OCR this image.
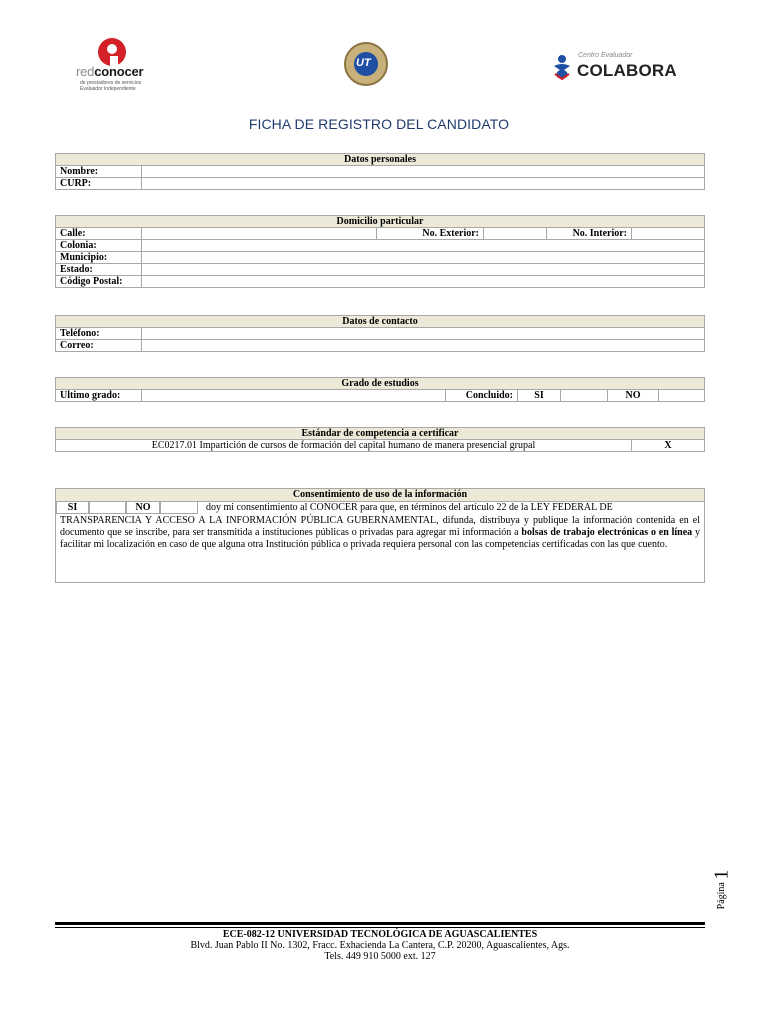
redconocer
de prestadores de servicios
Evaluador Independiente
UT
Centro Evaluador
COLABORA
FICHA DE REGISTRO DEL CANDIDATO
Datos personales	
Nombre:	
CURP:	
Domicilio particular					
Calle:		No. Exterior:		No. Interior:	
Colonia:					
Municipio:					
Estado:					
Código Postal:					
Datos de contacto	
Teléfono:	
Correo:	
Grado de estudios
Último grado:		Concluido:	SI		NO	
Estándar de competencia a certificar
EC0217.01 Impartición de cursos de formación del capital humano de manera presencial grupal	X
Consentimiento de uso de la información
SI	NO	doy mi consentimiento al CONOCER para que, en términos del artículo 22 de la LEY FEDERAL DE
TRANSPARENCIA Y ACCESO A LA INFORMACIÓN PÚBLICA GUBERNAMENTAL, difunda, distribuya y publique la información contenida en el documento que se inscribe, para ser transmitida a instituciones públicas o privadas para agregar mi información a bolsas de trabajo electrónicas o en línea y facilitar mi localización en caso de que alguna otra Institución pública o privada requiera personal con las competencias certificadas con las que cuento.
Página 1
ECE-082-12 UNIVERSIDAD TECNOLÓGICA DE AGUASCALIENTES
Blvd. Juan Pablo II No. 1302, Fracc. Exhacienda La Cantera, C.P. 20200, Aguascalientes, Ags.
Tels. 449 910 5000 ext. 127
